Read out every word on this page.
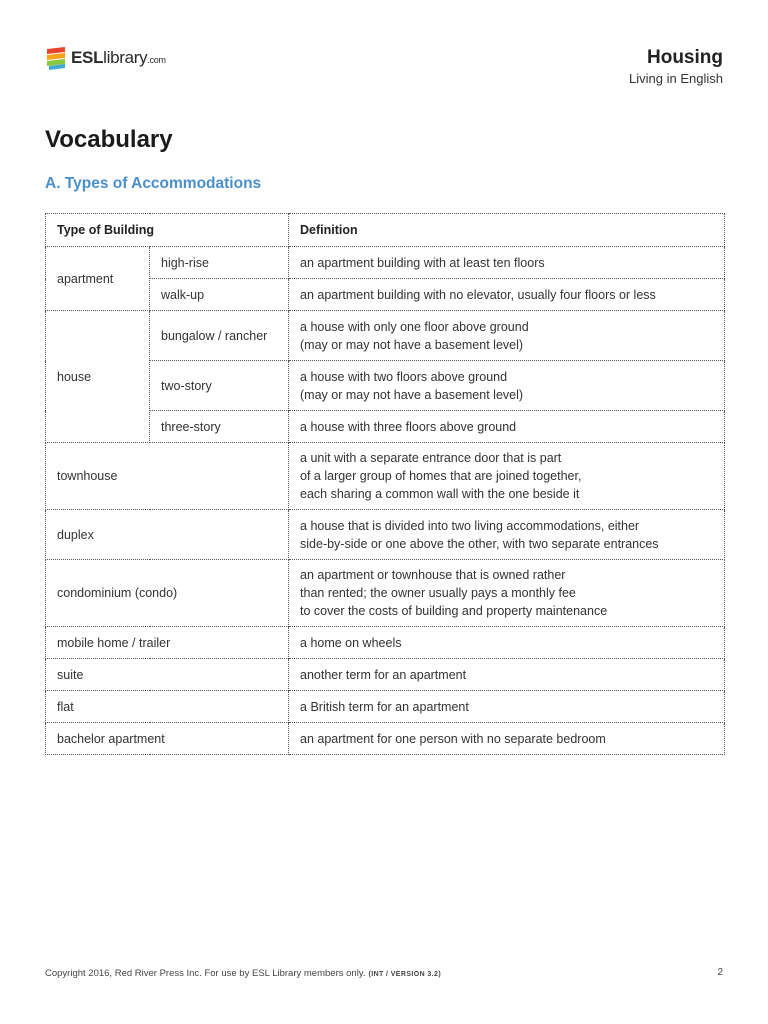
ESLlibrary.com	Housing
Living in English
Vocabulary
A. Types of Accommodations
Type of Building		Definition
apartment	high-rise	an apartment building with at least ten floors

	walk-up	an apartment building with no elevator, usually four floors or less

house	bungalow / rancher	a house with only one floor above ground
(may or may not have a basement level)

	two-story	a house with two floors above ground
(may or may not have a basement level)

	three-story	a house with three floors above ground

townhouse		a unit with a separate entrance door that is part
of a larger group of homes that are joined together,
each sharing a common wall with the one beside it

duplex		a house that is divided into two living accommodations, either
side-by-side or one above the other, with two separate entrances

condominium (condo)		an apartment or townhouse that is owned rather
than rented; the owner usually pays a monthly fee
to cover the costs of building and property maintenance

mobile home / trailer		a home on wheels

suite		another term for an apartment

flat		a British term for an apartment

bachelor apartment		an apartment for one person with no separate bedroom
Copyright 2016, Red River Press Inc. For use by ESL Library members only. (INT / VERSION 3.2)	2
